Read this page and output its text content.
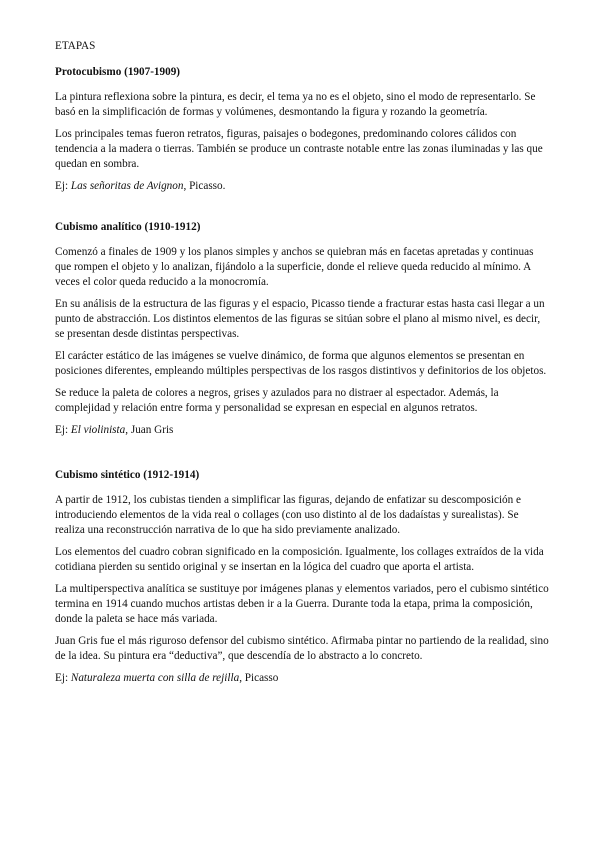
ETAPAS

Protocubismo (1907-1909)

La pintura reflexiona sobre la pintura, es decir, el tema ya no es el objeto, sino el modo de representarlo. Se basó en la simplificación de formas y volúmenes, desmontando la figura y rozando la geometría.

Los principales temas fueron retratos, figuras, paisajes o bodegones, predominando colores cálidos con tendencia a la madera o tierras. También se produce un contraste notable entre las zonas iluminadas y las que quedan en sombra.

Ej: Las señoritas de Avignon, Picasso.

Cubismo analítico (1910-1912)

Comenzó a finales de 1909 y los planos simples y anchos se quiebran más en facetas apretadas y continuas que rompen el objeto y lo analizan, fijándolo a la superficie, donde el relieve queda reducido al mínimo. A veces el color queda reducido a la monocromía.

En su análisis de la estructura de las figuras y el espacio, Picasso tiende a fracturar estas hasta casi llegar a un punto de abstracción. Los distintos elementos de las figuras se sitúan sobre el plano al mismo nivel, es decir, se presentan desde distintas perspectivas.

El carácter estático de las imágenes se vuelve dinámico, de forma que algunos elementos se presentan en posiciones diferentes, empleando múltiples perspectivas de los rasgos distintivos y definitorios de los objetos.

Se reduce la paleta de colores a negros, grises y azulados para no distraer al espectador. Además, la complejidad y relación entre forma y personalidad se expresan en especial en algunos retratos.

Ej: El violinista, Juan Gris

Cubismo sintético (1912-1914)

A partir de 1912, los cubistas tienden a simplificar las figuras, dejando de enfatizar su descomposición e introduciendo elementos de la vida real o collages (con uso distinto al de los dadaístas y surealistas). Se realiza una reconstrucción narrativa de lo que ha sido previamente analizado.

Los elementos del cuadro cobran significado en la composición. Igualmente, los collages extraídos de la vida cotidiana pierden su sentido original y se insertan en la lógica del cuadro que aporta el artista.

La multiperspectiva analítica se sustituye por imágenes planas y elementos variados, pero el cubismo sintético termina en 1914 cuando muchos artistas deben ir a la Guerra. Durante toda la etapa, prima la composición, donde la paleta se hace más variada.

Juan Gris fue el más riguroso defensor del cubismo sintético. Afirmaba pintar no partiendo de la realidad, sino de la idea. Su pintura era “deductiva”, que descendía de lo abstracto a lo concreto.

Ej: Naturaleza muerta con silla de rejilla, Picasso
